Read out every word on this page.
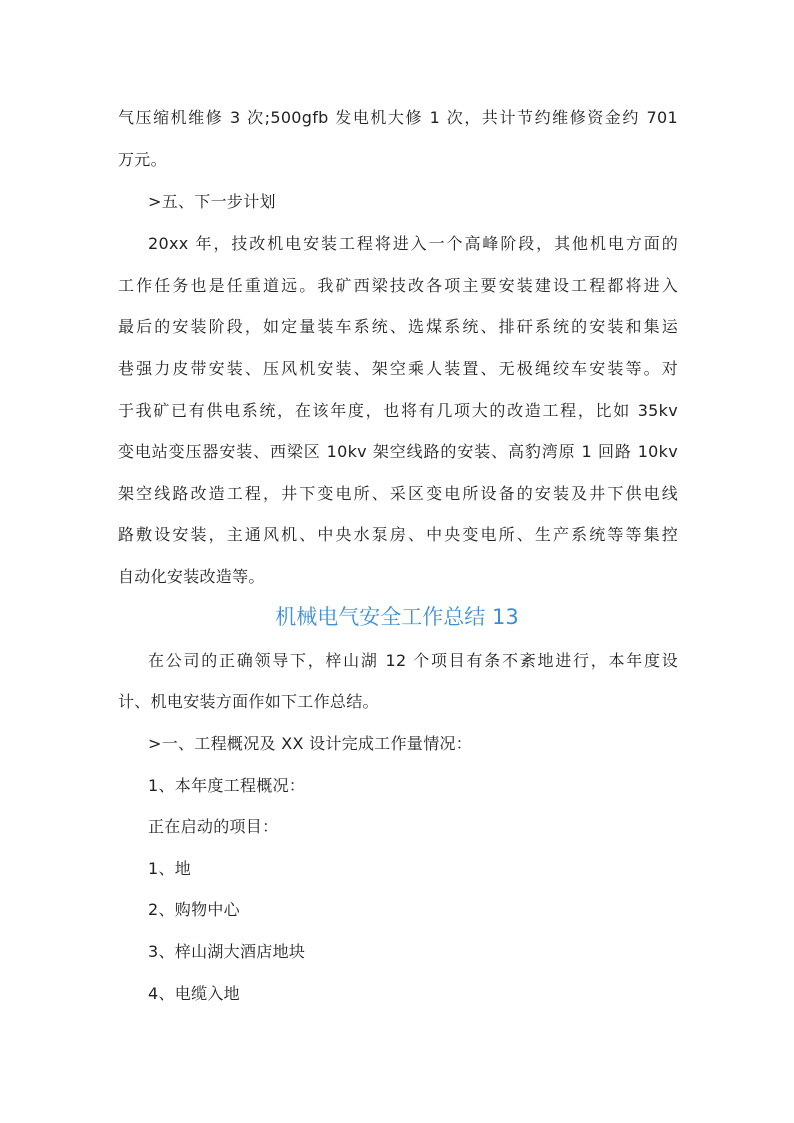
气压缩机维修 3 次;500gfb 发电机大修 1 次，共计节约维修资金约 701
万元。
>五、下一步计划
20xx 年，技改机电安装工程将进入一个高峰阶段，其他机电方面的
工作任务也是任重道远。我矿西梁技改各项主要安装建设工程都将进入
最后的安装阶段，如定量装车系统、选煤系统、排矸系统的安装和集运
巷强力皮带安装、压风机安装、架空乘人装置、无极绳绞车安装等。对
于我矿已有供电系统，在该年度，也将有几项大的改造工程，比如 35kv
变电站变压器安装、西梁区 10kv 架空线路的安装、高豹湾原 1 回路 10kv
架空线路改造工程，井下变电所、采区变电所设备的安装及井下供电线
路敷设安装，主通风机、中央水泵房、中央变电所、生产系统等等集控
自动化安装改造等。
机械电气安全工作总结 13
在公司的正确领导下，梓山湖 12 个项目有条不紊地进行，本年度设
计、机电安装方面作如下工作总结。
>一、工程概况及 XX 设计完成工作量情况：
1、本年度工程概况：
正在启动的项目：
1、地
2、购物中心
3、梓山湖大酒店地块
4、电缆入地
